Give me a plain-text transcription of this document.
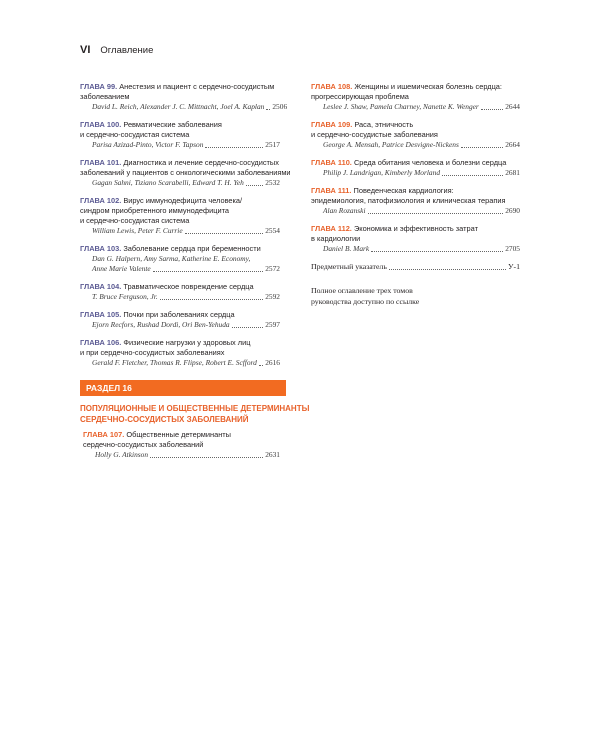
VI Оглавление
ГЛАВА 99. Анестезия и пациент с сердечно-сосудистым
заболеванием
David L. Reich, Alexander J. C. Mittnacht, Joel A. Kaplan 2506
ГЛАВА 100. Ревматические заболевания
и сердечно-сосудистая система
Parisa Azizad-Pinto, Victor F. Tapson	2517
ГЛАВА 101. Диагностика и лечение сердечно-сосудистых
заболеваний у пациентов с онкологическими заболеваниями
Gagan Sahni, Tiziano Scarabelli, Edward T. H. Yeh	2532
ГЛАВА 102. Вирус иммунодефицита человека/
синдром приобретенного иммунодефицита
и сердечно-сосудистая система
William Lewis, Peter F. Currie	2554
ГЛАВА 103. Заболевание сердца при беременности
Dan G. Halpern, Amy Sarma, Katherine E. Economy,
Anne Marie Valente	2572
ГЛАВА 104. Травматическое повреждение сердца
T. Bruce Ferguson, Jr.	2592
ГЛАВА 105. Почки при заболеваниях сердца
Ejorn Recfors, Rushad Dordi, Ori Ben-Yehuda	2597
ГЛАВА 106. Физические нагрузки у здоровых лиц
и при сердечно-сосудистых заболеваниях
Gerald F. Fletcher, Thomas R. Flipse, Robert E. Scfford 2616
РАЗДЕЛ 16
ПОПУЛЯЦИОННЫЕ И ОБЩЕСТВЕННЫЕ ДЕТЕРМИНАНТЫ
СЕРДЕЧНО-СОСУДИСТЫХ ЗАБОЛЕВАНИЙ
ГЛАВА 107. Общественные детерминанты
сердечно-сосудистых заболеваний
Holly G. Atkinson	2631
ГЛАВА 108. Женщины и ишемическая болезнь сердца:
прогрессирующая проблема
Leslee J. Shaw, Pamela Charney, Nanette K. Wenger	2644
ГЛАВА 109. Раса, этничность
и сердечно-сосудистые заболевания
George A. Mensah, Patrice Desvigne-Nickens	2664
ГЛАВА 110. Среда обитания человека и болезни сердца
Philip J. Landrigan, Kimberly Morland	2681
ГЛАВА 111. Поведенческая кардиология:
эпидемиология, патофизиология и клиническая терапия
Alan Rozanski	2690
ГЛАВА 112. Экономика и эффективность затрат
в кардиологии
Daniel B. Mark	2705
Предметный указатель	У-1
Полное оглавление трех томов
руководства доступно по ссылке
